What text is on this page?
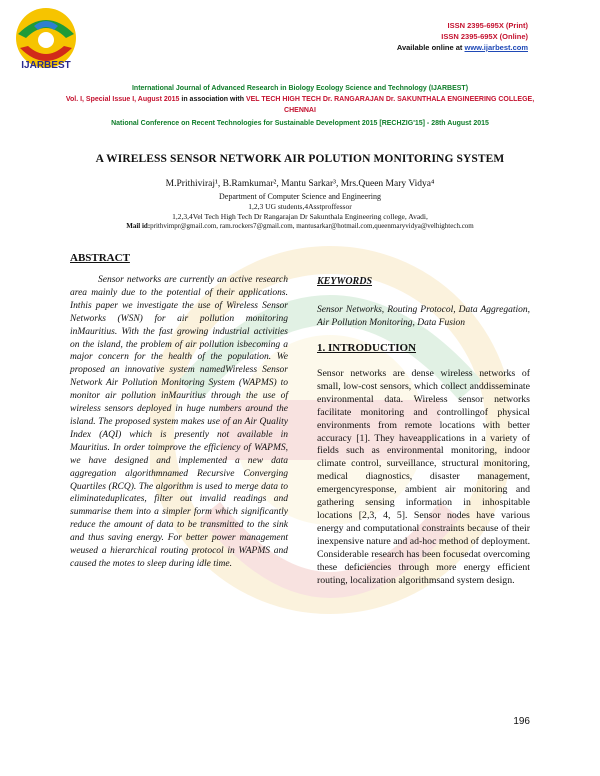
IJARBEST
ISSN 2395-695X (Print)
ISSN 2395-695X (Online)
Available online at www.ijarbest.com
International Journal of Advanced Research in Biology Ecology Science and Technology (IJARBEST)
Vol. I, Special Issue I, August 2015 in association with VEL TECH HIGH TECH Dr. RANGARAJAN Dr. SAKUNTHALA ENGINEERING COLLEGE, CHENNAI
National Conference on Recent Technologies for Sustainable Development 2015 [RECHZIG'15] - 28th August 2015
A WIRELESS SENSOR NETWORK AIR POLUTION MONITORING SYSTEM
M.Prithiviraj¹, B.Ramkumar², Mantu Sarkar³, Mrs.Queen Mary Vidya⁴
Department of Computer Science and Engineering
1,2,3 UG students,4Asstproffessor
1,2,3,4Vel Tech High Tech Dr Rangarajan Dr Sakunthala Engineering college, Avadi,
Mail id:prithvimpr@gmail.com, ram.rockers7@gmail.com, mantusarkar@hotmail.com,queenmaryvidya@velhightech.com
ABSTRACT

Sensor networks are currently an active research area mainly due to the potential of their applications. Inthis paper we investigate the use of Wireless Sensor Networks (WSN) for air pollution monitoring inMauritius. With the fast growing industrial activities on the island, the problem of air pollution isbecoming a major concern for the health of the population. We proposed an innovative system namedWireless Sensor Network Air Pollution Monitoring System (WAPMS) to monitor air pollution inMauritius through the use of wireless sensors deployed in huge numbers around the island. The proposed system makes use of an Air Quality Index (AQI) which is presently not available in Mauritius. In order toimprove the efficiency of WAPMS, we have designed and implemented a new data aggregation algorithmnamed Recursive Converging Quartiles (RCQ). The algorithm is used to merge data to eliminateduplicates, filter out invalid readings and summarise them into a simpler form which significantly reduce the amount of data to be transmitted to the sink and thus saving energy. For better power management weused a hierarchical routing protocol in WAPMS and caused the motes to sleep during idle time.

KEYWORDS

Sensor Networks, Routing Protocol, Data Aggregation, Air Pollution Monitoring, Data Fusion

1. INTRODUCTION

Sensor networks are dense wireless networks of small, low-cost sensors, which collect anddisseminate environmental data. Wireless sensor networks facilitate monitoring and controllingof physical environments from remote locations with better accuracy [1]. They haveapplications in a variety of fields such as environmental monitoring, indoor climate control, surveillance, structural monitoring, medical diagnostics, disaster management, emergencyresponse, ambient air monitoring and gathering sensing information in inhospitable locations [2,3, 4, 5]. Sensor nodes have various energy and computational constraints because of their inexpensive nature and ad-hoc method of deployment. Considerable research has been focusedat overcoming these deficiencies through more energy efficient routing, localization algorithmsand system design.

196
